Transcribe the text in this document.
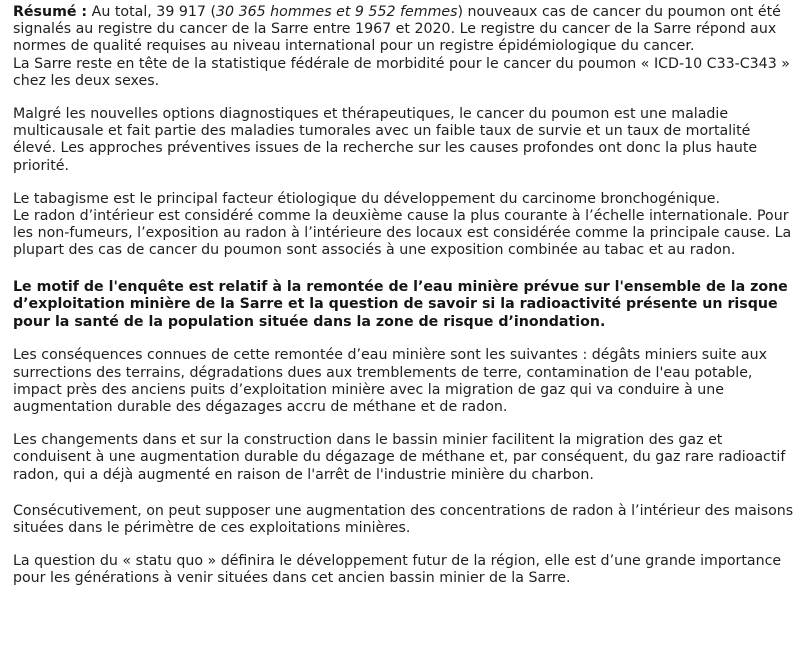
Résumé : Au total, 39 917 (30 365 hommes et 9 552 femmes) nouveaux cas de cancer du poumon ont été signalés au registre du cancer de la Sarre entre 1967 et 2020. Le registre du cancer de la Sarre répond aux normes de qualité requises au niveau international pour un registre épidémiologique du cancer.

La Sarre reste en tête de la statistique fédérale de morbidité pour le cancer du poumon « ICD-10 C33-C343 » chez les deux sexes.

Malgré les nouvelles options diagnostiques et thérapeutiques, le cancer du poumon est une maladie multicausale et fait partie des maladies tumorales avec un faible taux de survie et un taux de mortalité élevé. Les approches préventives issues de la recherche sur les causes profondes ont donc la plus haute priorité.

Le tabagisme est le principal facteur étiologique du développement du carcinome bronchogénique.

Le radon d’intérieur est considéré comme la deuxième cause la plus courante à l’échelle internationale. Pour les non-fumeurs, l’exposition au radon à l’intérieure des locaux est considérée comme la principale cause. La plupart des cas de cancer du poumon sont associés à une exposition combinée au tabac et au radon.

Le motif de l'enquête est relatif à la remontée de l’eau minière prévue sur l'ensemble de la zone d’exploitation minière de la Sarre et la question de savoir si la radioactivité présente un risque pour la santé de la population située dans la zone de risque d’inondation.

Les conséquences connues de cette remontée d’eau minière sont les suivantes : dégâts miniers suite aux surrections des terrains, dégradations dues aux tremblements de terre, contamination de l'eau potable, impact près des anciens puits d’exploitation minière avec la migration de gaz qui va conduire à une augmentation durable des dégazages accru de méthane et de radon.

Les changements dans et sur la construction dans le bassin minier facilitent la migration des gaz et conduisent à une augmentation durable du dégazage de méthane et, par conséquent, du gaz rare radioactif radon, qui a déjà augmenté en raison de l'arrêt de l'industrie minière du charbon.

Consécutivement, on peut supposer une augmentation des concentrations de radon à l’intérieur des maisons situées dans le périmètre de ces exploitations minières.

La question du « statu quo » définira le développement futur de la région, elle est d’une grande importance pour les générations à venir situées dans cet ancien bassin minier de la Sarre.
